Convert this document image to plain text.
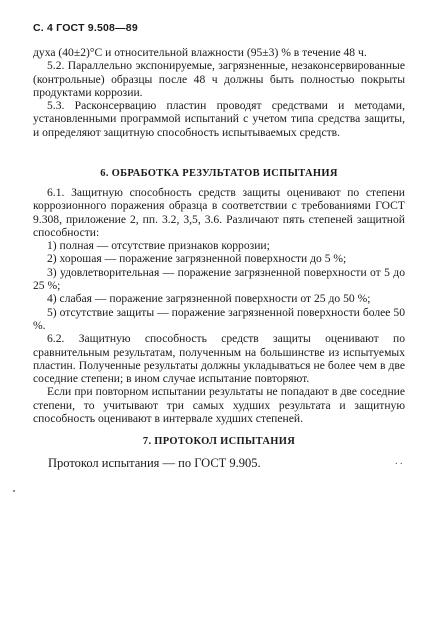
С. 4 ГОСТ 9.508—89

духа (40±2)°С и относительной влажности (95±3) % в течение 48 ч.

5.2. Параллельно экспонируемые, загрязненные, незаконсервированные (контрольные) образцы после 48 ч должны быть полностью покрыты продуктами коррозии.

5.3. Расконсервацию пластин проводят средствами и методами, установленными программой испытаний с учетом типа средства защиты, и определяют защитную способность испытываемых средств.

6. ОБРАБОТКА РЕЗУЛЬТАТОВ ИСПЫТАНИЯ

6.1. Защитную способность средств защиты оценивают по степени коррозионного поражения образца в соответствии с требованиями ГОСТ 9.308, приложение 2, пп. 3.2, 3,5, 3.6. Различают пять степеней защитной способности:

1) полная — отсутствие признаков коррозии;

2) хорошая — поражение загрязненной поверхности до 5 %;

3) удовлетворительная — поражение загрязненной поверхности от 5 до 25 %;

4) слабая — поражение загрязненной поверхности от 25 до 50 %;

5) отсутствие защиты — поражение загрязненной поверхности более 50 %.

6.2. Защитную способность средств защиты оценивают по сравнительным результатам, полученным на большинстве из испытуемых пластин. Полученные результаты должны укладываться не более чем в две соседние степени; в ином случае испытание повторяют.

Если при повторном испытании результаты не попадают в две соседние степени, то учитывают три самых худших результата и защитную способность оценивают в интервале худших степеней.

7. ПРОТОКОЛ ИСПЫТАНИЯ
Протокол испытания — по ГОСТ 9.905.	. .
